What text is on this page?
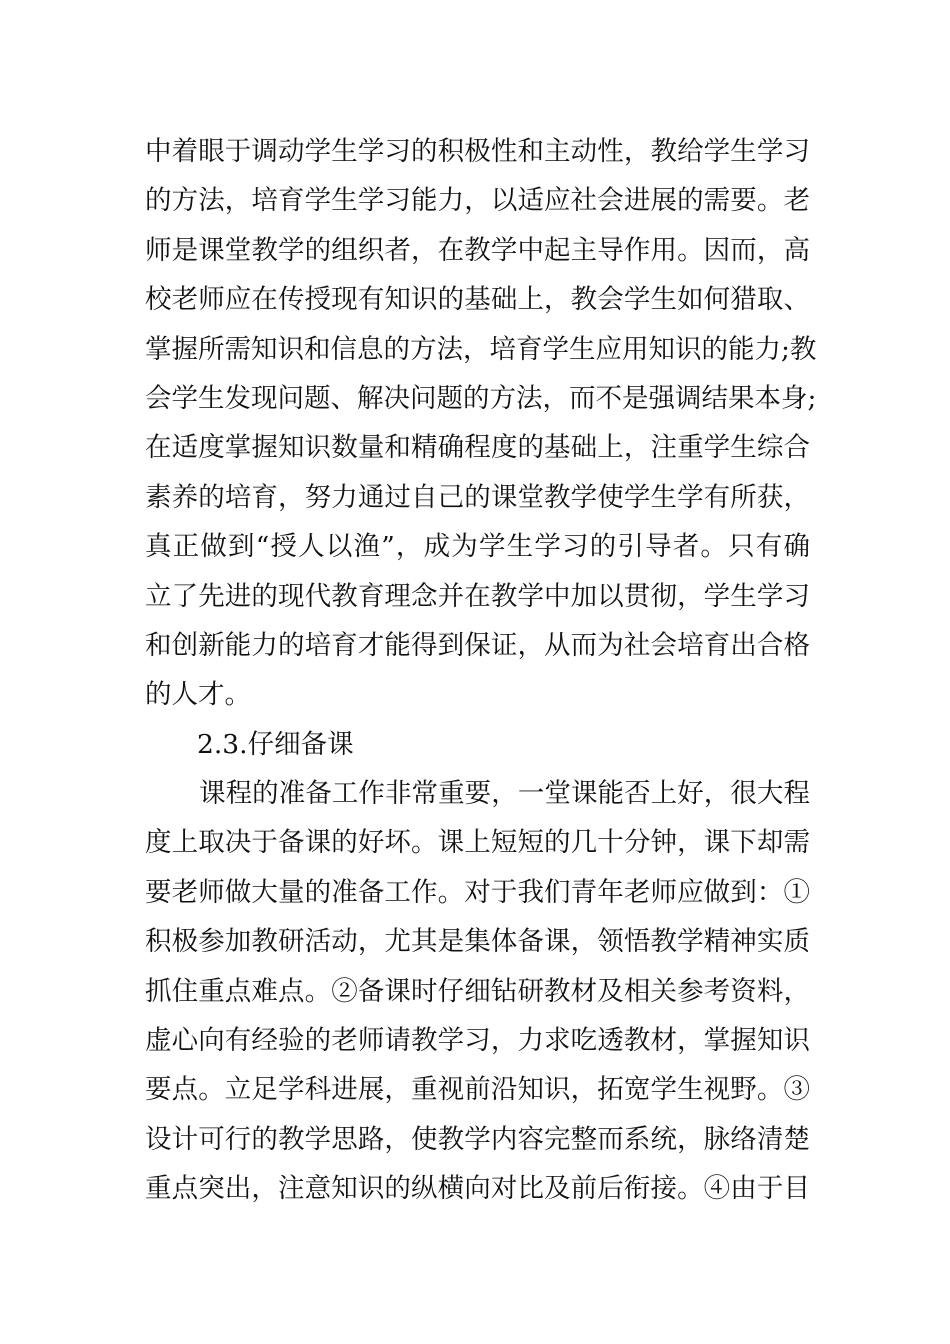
中着眼于调动学生学习的积极性和主动性，教给学生学习
的方法，培育学生学习能力，以适应社会进展的需要。老
师是课堂教学的组织者，在教学中起主导作用。因而，高
校老师应在传授现有知识的基础上，教会学生如何猎取、
掌握所需知识和信息的方法，培育学生应用知识的能力;教
会学生发现问题、解决问题的方法，而不是强调结果本身;
在适度掌握知识数量和精确程度的基础上，注重学生综合
素养的培育，努力通过自己的课堂教学使学生学有所获，
真正做到“授人以渔”，成为学生学习的引导者。只有确
立了先进的现代教育理念并在教学中加以贯彻，学生学习
和创新能力的培育才能得到保证，从而为社会培育出合格
的人才。
2.3.仔细备课
课程的准备工作非常重要，一堂课能否上好，很大程
度上取决于备课的好坏。课上短短的几十分钟，课下却需
要老师做大量的准备工作。对于我们青年老师应做到：①
积极参加教研活动，尤其是集体备课，领悟教学精神实质
抓住重点难点。②备课时仔细钻研教材及相关参考资料，
虚心向有经验的老师请教学习，力求吃透教材，掌握知识
要点。立足学科进展，重视前沿知识，拓宽学生视野。③
设计可行的教学思路，使教学内容完整而系统，脉络清楚
重点突出，注意知识的纵横向对比及前后衔接。④由于目
